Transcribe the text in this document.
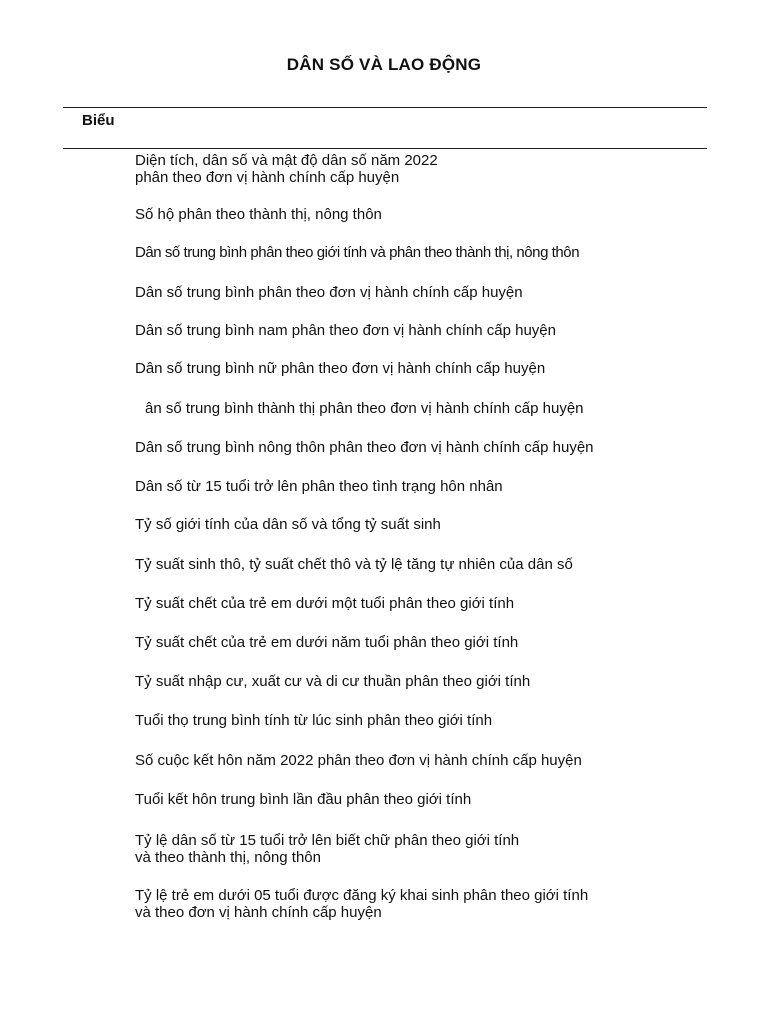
DÂN SỐ VÀ LAO ĐỘNG
Biểu
Diện tích, dân số và mật độ dân số năm 2022
phân theo đơn vị hành chính cấp huyện
Số hộ phân theo thành thị, nông thôn
Dân số trung bình phân theo giới tính và phân theo thành thị, nông thôn
Dân số trung bình phân theo đơn vị hành chính cấp huyện
Dân số trung bình nam phân theo đơn vị hành chính cấp huyện
Dân số trung bình nữ phân theo đơn vị hành chính cấp huyện
ân số trung bình thành thị phân theo đơn vị hành chính cấp huyện
Dân số trung bình nông thôn phân theo đơn vị hành chính cấp huyện
Dân số từ 15 tuổi trở lên phân theo tình trạng hôn nhân
Tỷ số giới tính của dân số và tổng tỷ suất sinh
Tỷ suất sinh thô, tỷ suất chết thô và tỷ lệ tăng tự nhiên của dân số
Tỷ suất chết của trẻ em dưới một tuổi phân theo giới tính
Tỷ suất chết của trẻ em dưới năm tuổi phân theo giới tính
Tỷ suất nhập cư, xuất cư và di cư thuần phân theo giới tính
Tuổi thọ trung bình tính từ lúc sinh phân theo giới tính
Số cuộc kết hôn năm 2022 phân theo đơn vị hành chính cấp huyện
Tuổi kết hôn trung bình lần đầu phân theo giới tính
Tỷ lệ dân số từ 15 tuổi trở lên biết chữ phân theo giới tính
và theo thành thị, nông thôn
Tỷ lệ trẻ em dưới 05 tuổi được đăng ký khai sinh phân theo giới tính
và theo đơn vị hành chính cấp huyện
